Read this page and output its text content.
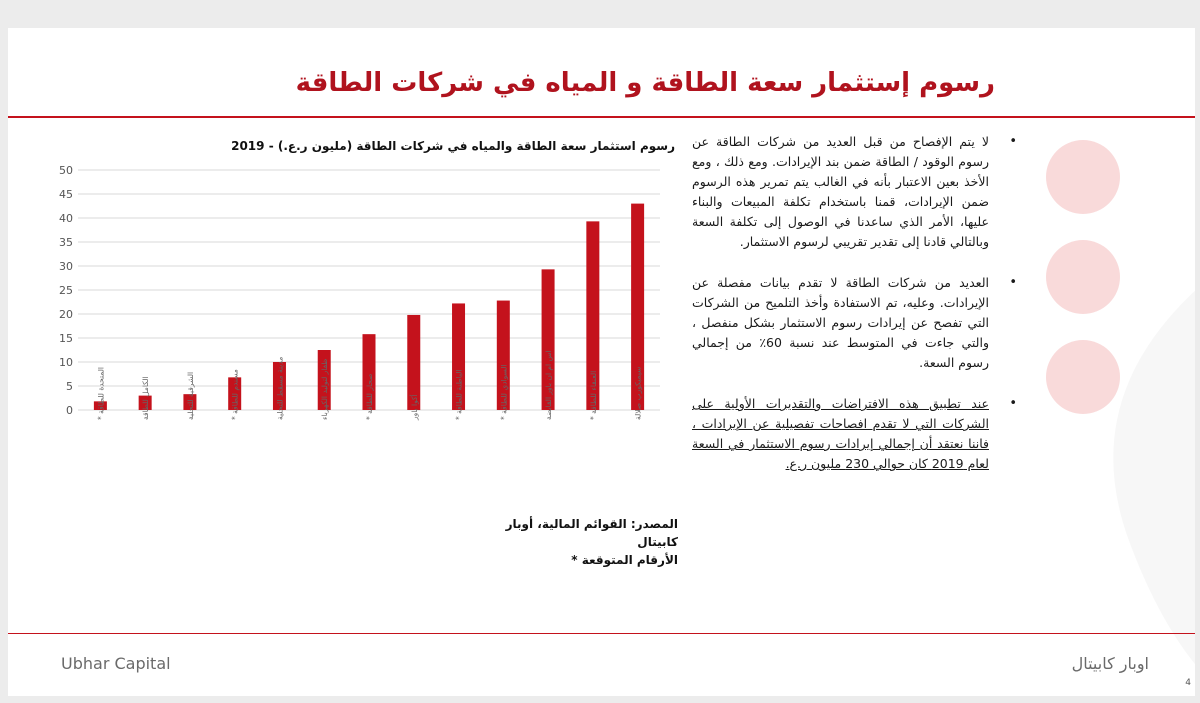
رسوم إستثمار سعة الطاقة و المياه في شركات الطاقة
•
لا يتم الإفصاح من قبل العديد من شركات الطاقة عن رسوم الوقود / الطاقة ضمن بند الإيرادات. ومع ذلك ، ومع الأخذ بعين الاعتبار بأنه في الغالب يتم تمرير هذه الرسوم ضمن الإيرادات، قمنا باستخدام تكلفة المبيعات والبناء عليها، الأمر الذي ساعدنا في الوصول إلى تكلفة السعة وبالتالي قادنا إلى تقدير تقريبي لرسوم الاستثمار.
•
العديد من شركات الطاقة لا تقدم بيانات مفصلة عن الإيرادات. وعليه، تم الاستفادة وأخذ التلميح من الشركات التي تفصح عن إيرادات رسوم الاستثمار بشكل منفصل ، والتي جاءت في المتوسط عند نسبة 60٪ من إجمالي رسوم السعة.
•
عند تطبيق هذه الافتراضات والتقديرات الأولية على الشركات التي لا تقدم افصاحات تفصيلية عن الإيرادات ، فاننا نعتقد أن إجمالي إيرادات رسوم الاستثمار في السعة لعام 2019 كان حوالي 230 مليون ر.ع.
رسوم استثمار سعة الطاقة والمياه في شركات الطاقة (مليون ر.ع.) - 2019
0
5
10
15
20
25
30
35
40
45
50
المتحدة للطاقة *	الكامل للطاقة	الشرقية للتحلية	مسندم للطاقة *	مدينة مسقط للتحلية	ظفار لتوليد الكهرباء	صحار للطاقة *	أكوا باور	الباطنة للطاقة *	السوادي للطاقة *	اس ام ان باور القابضة	العنقاء للطاقة *	سيمبكورب صلالة
المصدر: القوائم المالية، أوبار كابيتال
الأرقام المتوقعة *
Ubhar Capital	اوبار كابيتال
4
